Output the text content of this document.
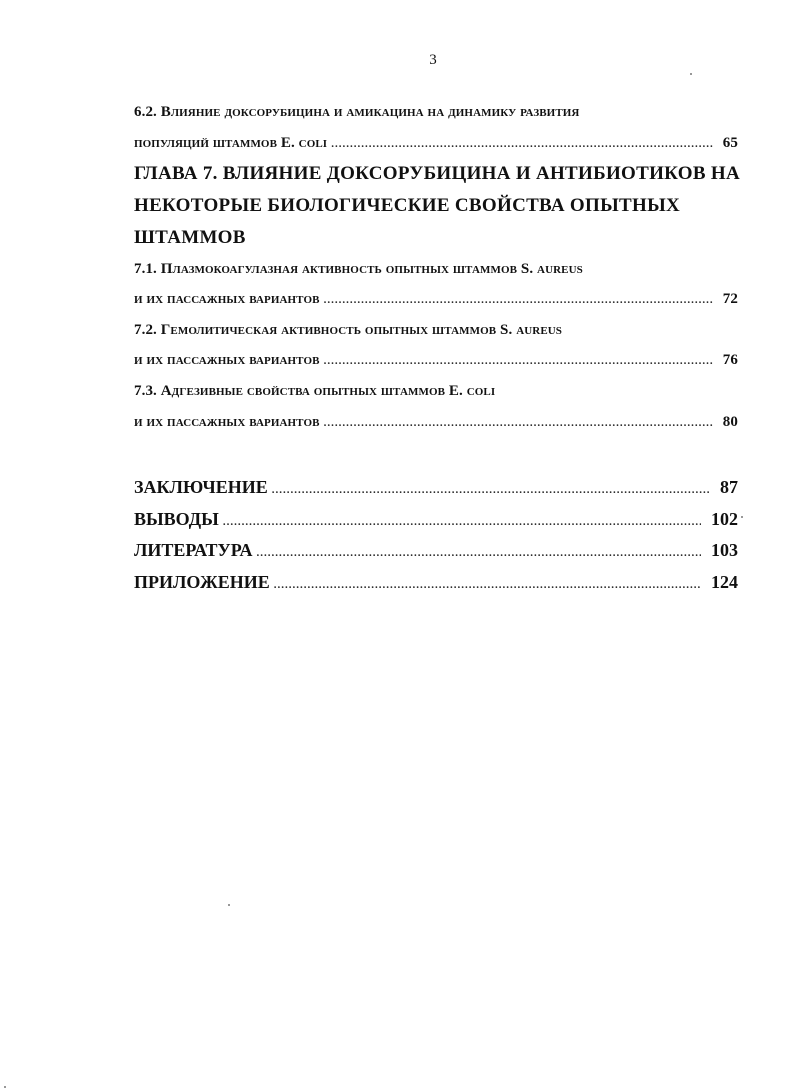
3
6.2. Влияние доксорубицина и амикацина на динамику развития
популяций штаммов E. coli .....	65
ГЛАВА 7. ВЛИЯНИЕ ДОКСОРУБИЦИНА И АНТИБИОТИКОВ НА
НЕКОТОРЫЕ БИОЛОГИЧЕСКИЕ СВОЙСТВА ОПЫТНЫХ
ШТАММОВ
7.1. Плазмокоагулазная активность опытных штаммов S. aureus
и их пассажных вариантов .....	72
7.2. Гемолитическая активность опытных штаммов S. aureus
и их пассажных вариантов .....	76
7.3. Адгезивные свойства опытных штаммов E. coli
и их пассажных вариантов .....	80
ЗАКЛЮЧЕНИЕ .....	87
ВЫВОДЫ .....	102
ЛИТЕРАТУРА .....	103
ПРИЛОЖЕНИЕ .....	124
